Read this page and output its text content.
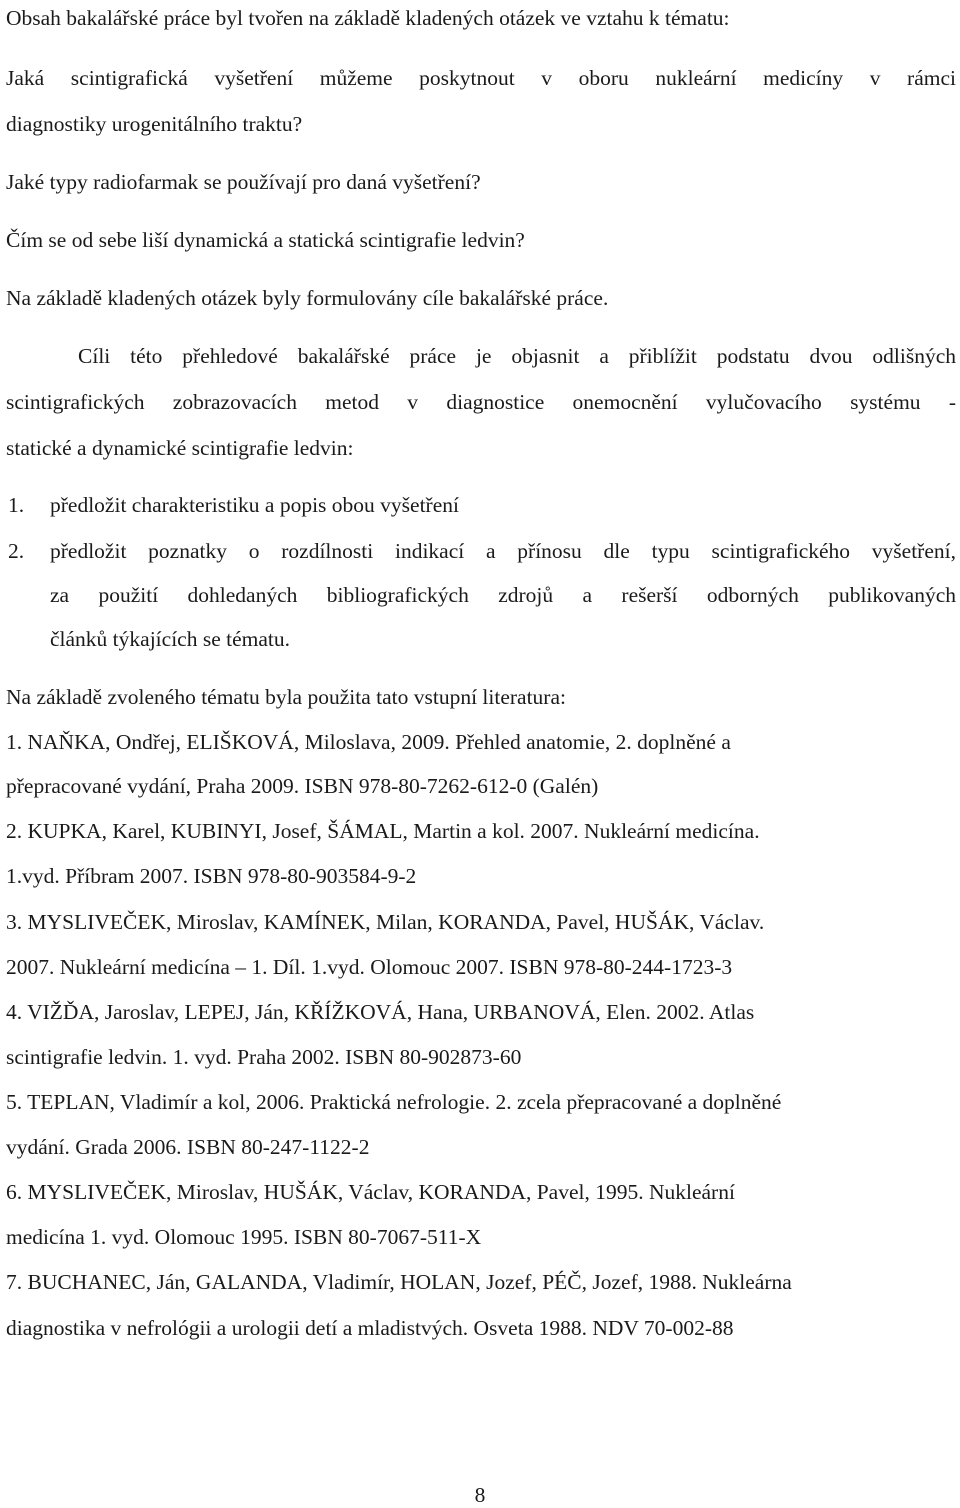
Obsah bakalářské práce byl tvořen na základě kladených otázek ve vztahu k tématu:
Jaká scintigrafická vyšetření můžeme poskytnout v oboru nukleární medicíny v rámci
diagnostiky urogenitálního traktu?
Jaké typy radiofarmak se používají pro daná vyšetření?
Čím se od sebe liší dynamická a statická scintigrafie ledvin?
Na základě kladených otázek byly formulovány cíle bakalářské práce.
Cíli této přehledové bakalářské práce je objasnit a přiblížit podstatu dvou odlišných
scintigrafických zobrazovacích metod v diagnostice onemocnění vylučovacího systému -
statické a dynamické scintigrafie ledvin:
1. předložit charakteristiku a popis obou vyšetření
2. předložit poznatky o rozdílnosti indikací a přínosu dle typu scintigrafického vyšetření,
za použití dohledaných bibliografických zdrojů a rešerší odborných publikovaných
článků týkajících se tématu.
Na základě zvoleného tématu byla použita tato vstupní literatura:
1. NAŇKA, Ondřej, ELIŠKOVÁ, Miloslava, 2009. Přehled anatomie, 2. doplněné a
přepracované vydání, Praha 2009. ISBN 978-80-7262-612-0 (Galén)
2. KUPKA, Karel, KUBINYI, Josef, ŠÁMAL, Martin a kol. 2007. Nukleární medicína.
1.vyd. Příbram 2007. ISBN 978-80-903584-9-2
3. MYSLIVEČEK, Miroslav, KAMÍNEK, Milan, KORANDA, Pavel, HUŠÁK, Václav.
2007. Nukleární medicína – 1. Díl. 1.vyd. Olomouc 2007. ISBN 978-80-244-1723-3
4. VIŽĎA, Jaroslav, LEPEJ, Ján, KŘÍŽKOVÁ, Hana, URBANOVÁ, Elen. 2002. Atlas
scintigrafie ledvin. 1. vyd. Praha 2002. ISBN 80-902873-60
5. TEPLAN, Vladimír a kol, 2006. Praktická nefrologie. 2. zcela přepracované a doplněné
vydání. Grada 2006. ISBN 80-247-1122-2
6. MYSLIVEČEK, Miroslav, HUŠÁK, Václav, KORANDA, Pavel, 1995. Nukleární
medicína 1. vyd. Olomouc 1995. ISBN 80-7067-511-X
7. BUCHANEC, Ján, GALANDA, Vladimír, HOLAN, Jozef, PÉČ, Jozef, 1988. Nukleárna
diagnostika v nefrológii a urologii detí a mladistvých. Osveta 1988. NDV 70-002-88
8
